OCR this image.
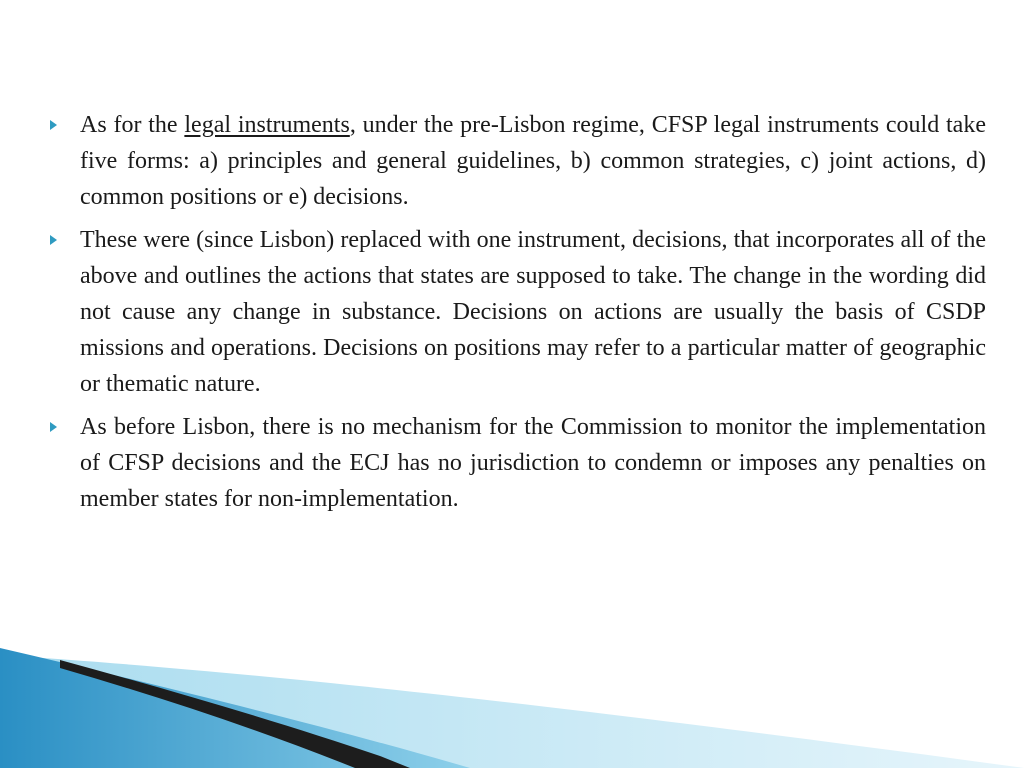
As for the legal instruments, under the pre-Lisbon regime, CFSP legal instruments could take five forms: a) principles and general guidelines, b) common strategies, c) joint actions, d) common positions or e) decisions.
These were (since Lisbon) replaced with one instrument, decisions, that incorporates all of the above and outlines the actions that states are supposed to take. The change in the wording did not cause any change in substance. Decisions on actions are usually the basis of CSDP missions and operations. Decisions on positions may refer to a particular matter of geographic or thematic nature.
As before Lisbon, there is no mechanism for the Commission to monitor the implementation of CFSP decisions and the ECJ has no jurisdiction to condemn or imposes any penalties on member states for non-implementation.
